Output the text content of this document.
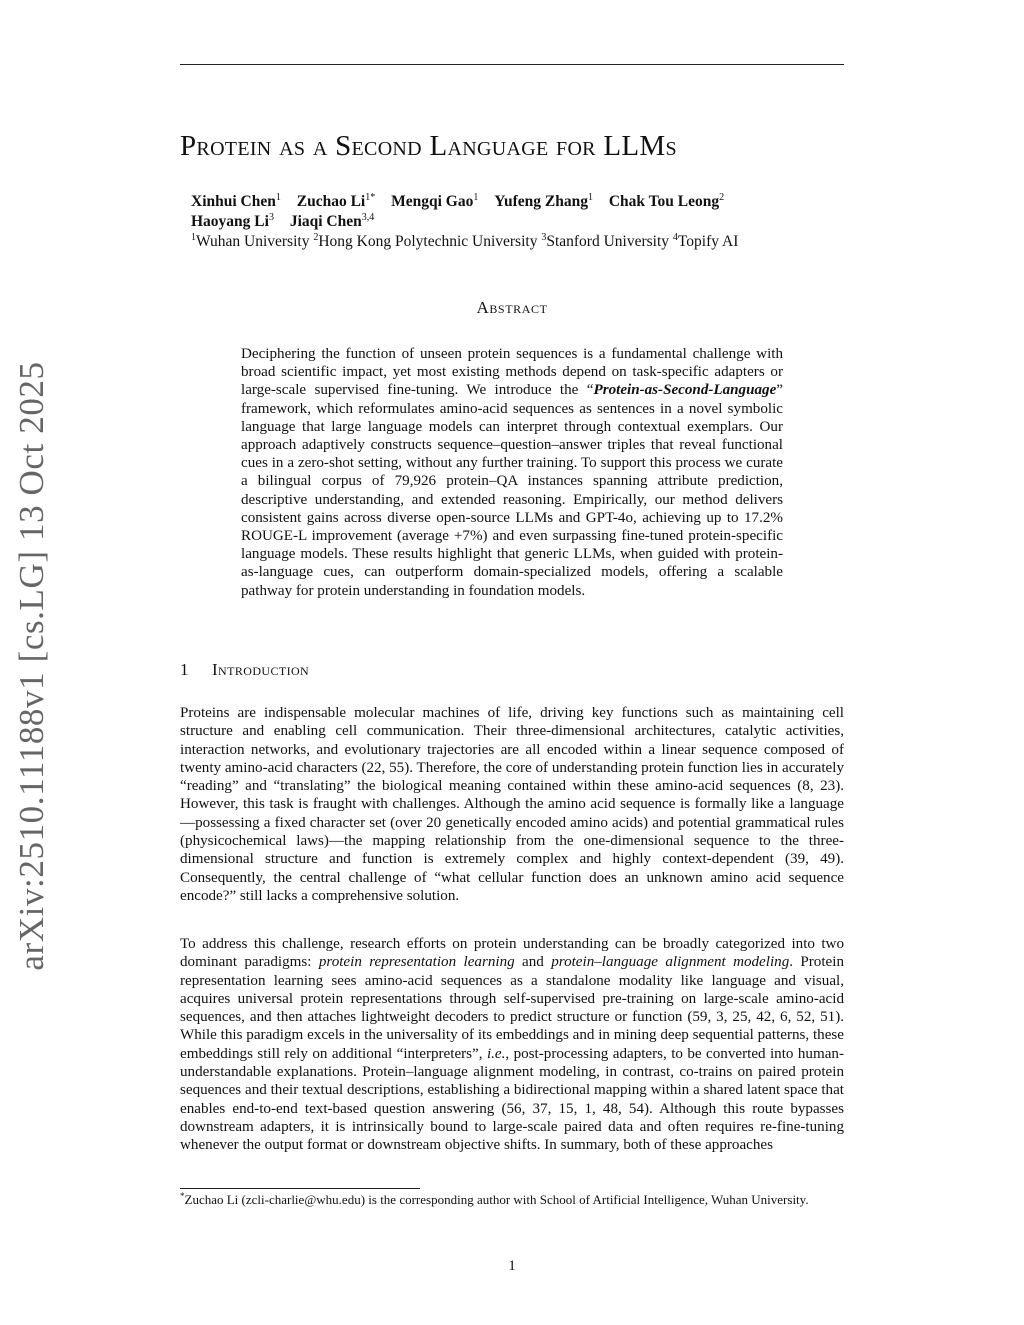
arXiv:2510.11188v1 [cs.LG] 13 Oct 2025
Protein as a Second Language for LLMs
Xinhui Chen$^1$ Zuchao $Li^{1*}$ Mengqi Gao$^1$ Yufeng Zhang$^1$ Chak Tou Leong$^2$
Haoyang Li$^3$ Jiaqi Chen$^{3,4}$
$^1$Wuhan University $^2$Hong Kong Polytechnic University $^3$Stanford University $^4$Topify AI
Abstract

Deciphering the function of unseen protein sequences is a fundamental challenge with broad scientific impact, yet most existing methods depend on task-specific adapters or large-scale supervised fine-tuning. We introduce the “Protein-as-Second-Language” framework, which reformulates amino-acid sequences as sentences in a novel symbolic language that large language models can interpret through contextual exemplars. Our approach adaptively constructs sequence–question–answer triples that reveal functional cues in a zero-shot setting, without any further training. To support this process we curate a bilingual corpus of 79,926 protein–QA instances spanning attribute prediction, descriptive understanding, and extended reasoning. Empirically, our method delivers consistent gains across diverse open-source LLMs and GPT-4o, achieving up to 17.2% ROUGE-L improvement (average +7%) and even surpassing fine-tuned protein-specific language models. These results highlight that generic LLMs, when guided with protein-as-language cues, can outperform domain-specialized models, offering a scalable pathway for protein understanding in foundation models.

1 Introduction

Proteins are indispensable molecular machines of life, driving key functions such as maintaining cell structure and enabling cell communication. Their three-dimensional architectures, catalytic activities, interaction networks, and evolutionary trajectories are all encoded within a linear sequence composed of twenty amino-acid characters (22, 55). Therefore, the core of understanding protein function lies in accurately “reading” and “translating” the biological meaning contained within these amino-acid sequences (8, 23). However, this task is fraught with challenges. Although the amino acid sequence is formally like a language—possessing a fixed character set (over 20 genetically encoded amino acids) and potential grammatical rules (physicochemical laws)—the mapping relationship from the one-dimensional sequence to the three-dimensional structure and function is extremely complex and highly context-dependent (39, 49). Consequently, the central challenge of “what cellular function does an unknown amino acid sequence encode?” still lacks a comprehensive solution.

To address this challenge, research efforts on protein understanding can be broadly categorized into two dominant paradigms: protein representation learning and protein–language alignment modeling. Protein representation learning sees amino-acid sequences as a standalone modality like language and visual, acquires universal protein representations through self-supervised pre-training on large-scale amino-acid sequences, and then attaches lightweight decoders to predict structure or function (59, 3, 25, 42, 6, 52, 51). While this paradigm excels in the universality of its embeddings and in mining deep sequential patterns, these embeddings still rely on additional “interpreters”, i.e., post-processing adapters, to be converted into human-understandable explanations. Protein–language alignment modeling, in contrast, co-trains on paired protein sequences and their textual descriptions, establishing a bidirectional mapping within a shared latent space that enables end-to-end text-based question answering (56, 37, 15, 1, 48, 54). Although this route bypasses downstream adapters, it is intrinsically bound to large-scale paired data and often requires re-fine-tuning whenever the output format or downstream objective shifts. In summary, both of these approaches

*Zuchao Li (zcli-charlie@whu.edu) is the corresponding author with School of Artificial Intelligence, Wuhan University.

1
